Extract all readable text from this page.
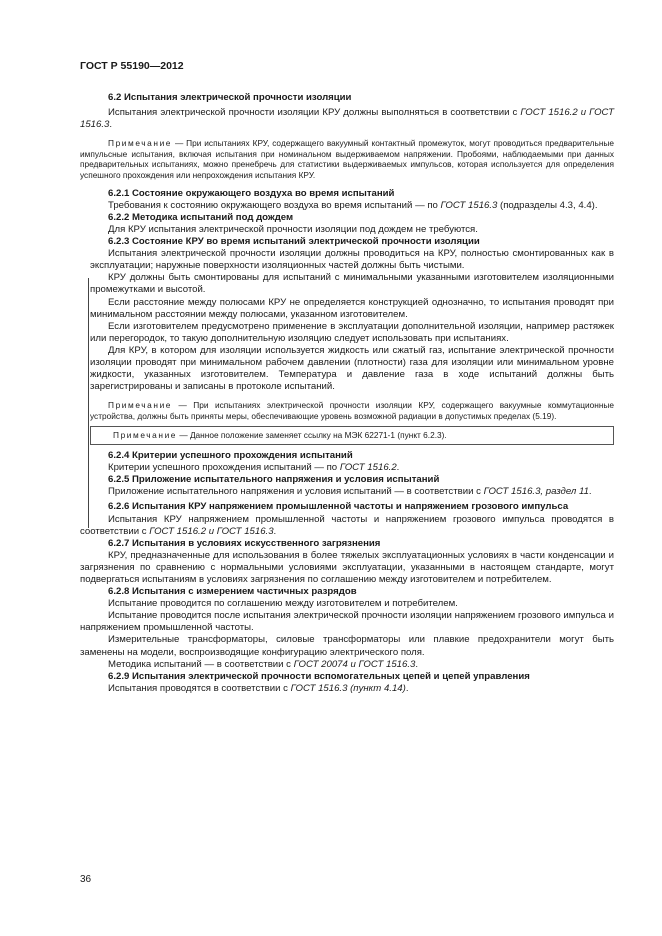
ГОСТ Р 55190—2012

6.2 Испытания электрической прочности изоляции

Испытания электрической прочности изоляции КРУ должны выполняться в соответствии с ГОСТ 1516.2 и ГОСТ 1516.3.

Примечание — При испытаниях КРУ, содержащего вакуумный контактный промежуток, могут проводиться предварительные импульсные испытания, включая испытания при номинальном выдерживаемом напряжении. Пробоями, наблюдаемыми при данных предварительных испытаниях, можно пренебречь для статистики выдерживаемых импульсов, которая используется для определения успешного прохождения или непрохождения испытания КРУ.

6.2.1 Состояние окружающего воздуха во время испытаний

Требования к состоянию окружающего воздуха во время испытаний — по ГОСТ 1516.3 (подразделы 4.3, 4.4).

6.2.2 Методика испытаний под дождем

Для КРУ испытания электрической прочности изоляции под дождем не требуются.

6.2.3 Состояние КРУ во время испытаний электрической прочности изоляции

Испытания электрической прочности изоляции должны проводиться на КРУ, полностью смонтированных как в эксплуатации; наружные поверхности изоляционных частей должны быть чистыми.

КРУ должны быть смонтированы для испытаний с минимальными указанными изготовителем изоляционными промежутками и высотой.

Если расстояние между полюсами КРУ не определяется конструкцией однозначно, то испытания проводят при минимальном расстоянии между полюсами, указанном изготовителем.

Если изготовителем предусмотрено применение в эксплуатации дополнительной изоляции, например растяжек или перегородок, то такую дополнительную изоляцию следует использовать при испытаниях.

Для КРУ, в котором для изоляции используется жидкость или сжатый газ, испытание электрической прочности изоляции проводят при минимальном рабочем давлении (плотности) газа для изоляции или минимальном уровне жидкости, указанных изготовителем. Температура и давление газа в ходе испытаний должны быть зарегистрированы и записаны в протоколе испытаний.

Примечание — При испытаниях электрической прочности изоляции КРУ, содержащего вакуумные коммутационные устройства, должны быть приняты меры, обеспечивающие уровень возможной радиации в допустимых пределах (5.19).

Примечание — Данное положение заменяет ссылку на МЭК 62271-1 (пункт 6.2.3).

6.2.4 Критерии успешного прохождения испытаний

Критерии успешного прохождения испытаний — по ГОСТ 1516.2.

6.2.5 Приложение испытательного напряжения и условия испытаний

Приложение испытательного напряжения и условия испытаний — в соответствии с ГОСТ 1516.3, раздел 11.

6.2.6 Испытания КРУ напряжением промышленной частоты и напряжением грозового импульса

Испытания КРУ напряжением промышленной частоты и напряжением грозового импульса проводятся в соответствии с ГОСТ 1516.2 и ГОСТ 1516.3.

6.2.7 Испытания в условиях искусственного загрязнения

КРУ, предназначенные для использования в более тяжелых эксплуатационных условиях в части конденсации и загрязнения по сравнению с нормальными условиями эксплуатации, указанными в настоящем стандарте, могут подвергаться испытаниям в условиях загрязнения по соглашению между изготовителем и потребителем.

6.2.8 Испытания с измерением частичных разрядов

Испытание проводится по соглашению между изготовителем и потребителем.

Испытание проводится после испытания электрической прочности изоляции напряжением грозового импульса и напряжением промышленной частоты.

Измерительные трансформаторы, силовые трансформаторы или плавкие предохранители могут быть заменены на модели, воспроизводящие конфигурацию электрического поля.

Методика испытаний — в соответствии с ГОСТ 20074 и ГОСТ 1516.3.

6.2.9 Испытания электрической прочности вспомогательных цепей и цепей управления

Испытания проводятся в соответствии с ГОСТ 1516.3 (пункт 4.14).

36
